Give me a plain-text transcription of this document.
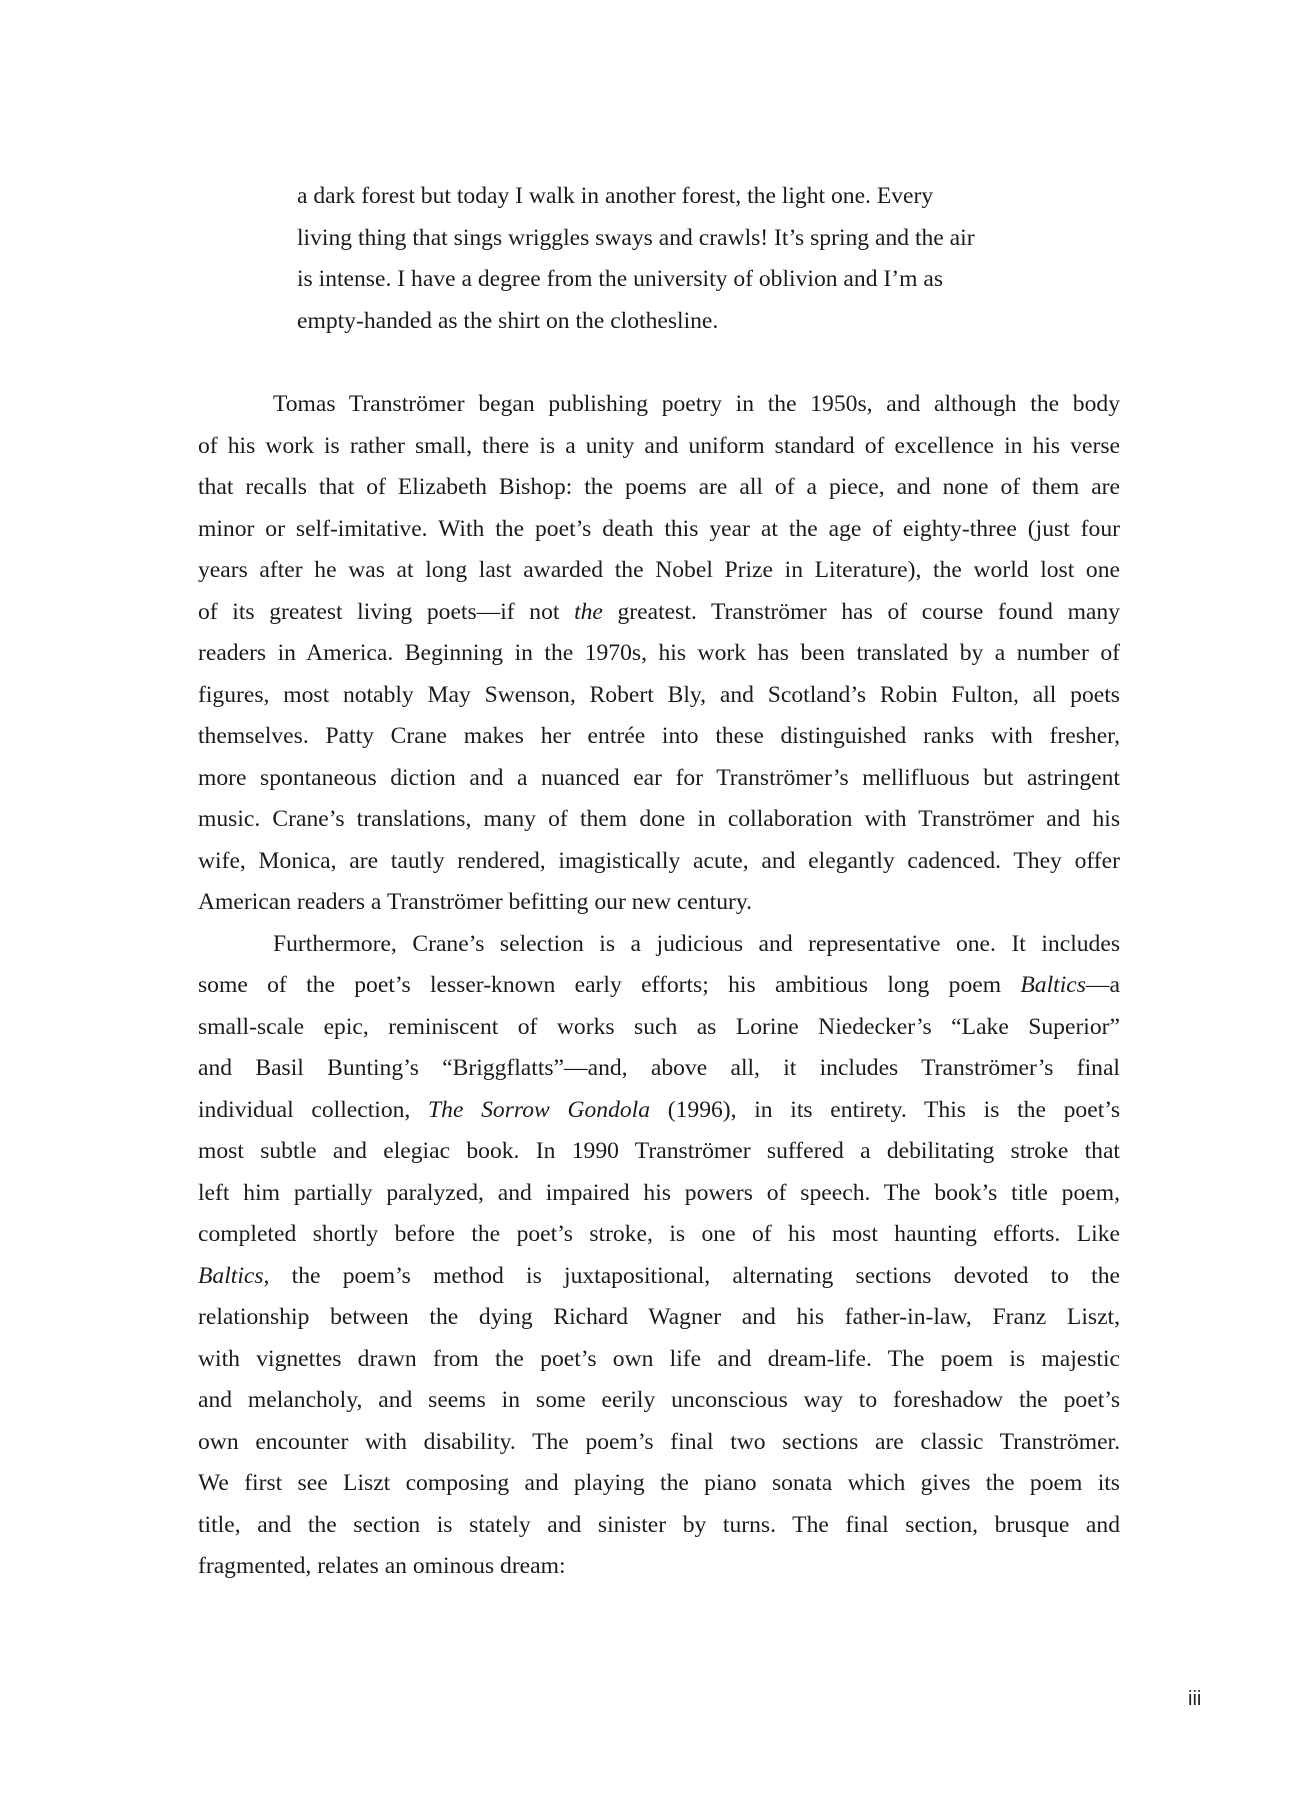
a dark forest but today I walk in another forest, the light one. Every
living thing that sings wriggles sways and crawls! It’s spring and the air
is intense. I have a degree from the university of oblivion and I’m as
empty-handed as the shirt on the clothesline.
Tomas Tranströmer began publishing poetry in the 1950s, and although the body
of his work is rather small, there is a unity and uniform standard of excellence in his verse
that recalls that of Elizabeth Bishop: the poems are all of a piece, and none of them are
minor or self-imitative. With the poet’s death this year at the age of eighty-three (just four
years after he was at long last awarded the Nobel Prize in Literature), the world lost one
of its greatest living poets—if not the greatest. Tranströmer has of course found many
readers in America. Beginning in the 1970s, his work has been translated by a number of
figures, most notably May Swenson, Robert Bly, and Scotland’s Robin Fulton, all poets
themselves. Patty Crane makes her entrée into these distinguished ranks with fresher,
more spontaneous diction and a nuanced ear for Tranströmer’s mellifluous but astringent
music. Crane’s translations, many of them done in collaboration with Tranströmer and his
wife, Monica, are tautly rendered, imagistically acute, and elegantly cadenced. They offer
American readers a Tranströmer befitting our new century.
Furthermore, Crane’s selection is a judicious and representative one. It includes
some of the poet’s lesser-known early efforts; his ambitious long poem Baltics—a
small-scale epic, reminiscent of works such as Lorine Niedecker’s “Lake Superior”
and Basil Bunting’s “Briggflatts”—and, above all, it includes Tranströmer’s final
individual collection, The Sorrow Gondola (1996), in its entirety. This is the poet’s
most subtle and elegiac book. In 1990 Tranströmer suffered a debilitating stroke that
left him partially paralyzed, and impaired his powers of speech. The book’s title poem,
completed shortly before the poet’s stroke, is one of his most haunting efforts. Like
Baltics, the poem’s method is juxtapositional, alternating sections devoted to the
relationship between the dying Richard Wagner and his father-in-law, Franz Liszt,
with vignettes drawn from the poet’s own life and dream-life. The poem is majestic
and melancholy, and seems in some eerily unconscious way to foreshadow the poet’s
own encounter with disability. The poem’s final two sections are classic Tranströmer.
We first see Liszt composing and playing the piano sonata which gives the poem its
title, and the section is stately and sinister by turns. The final section, brusque and
fragmented, relates an ominous dream:
iii
